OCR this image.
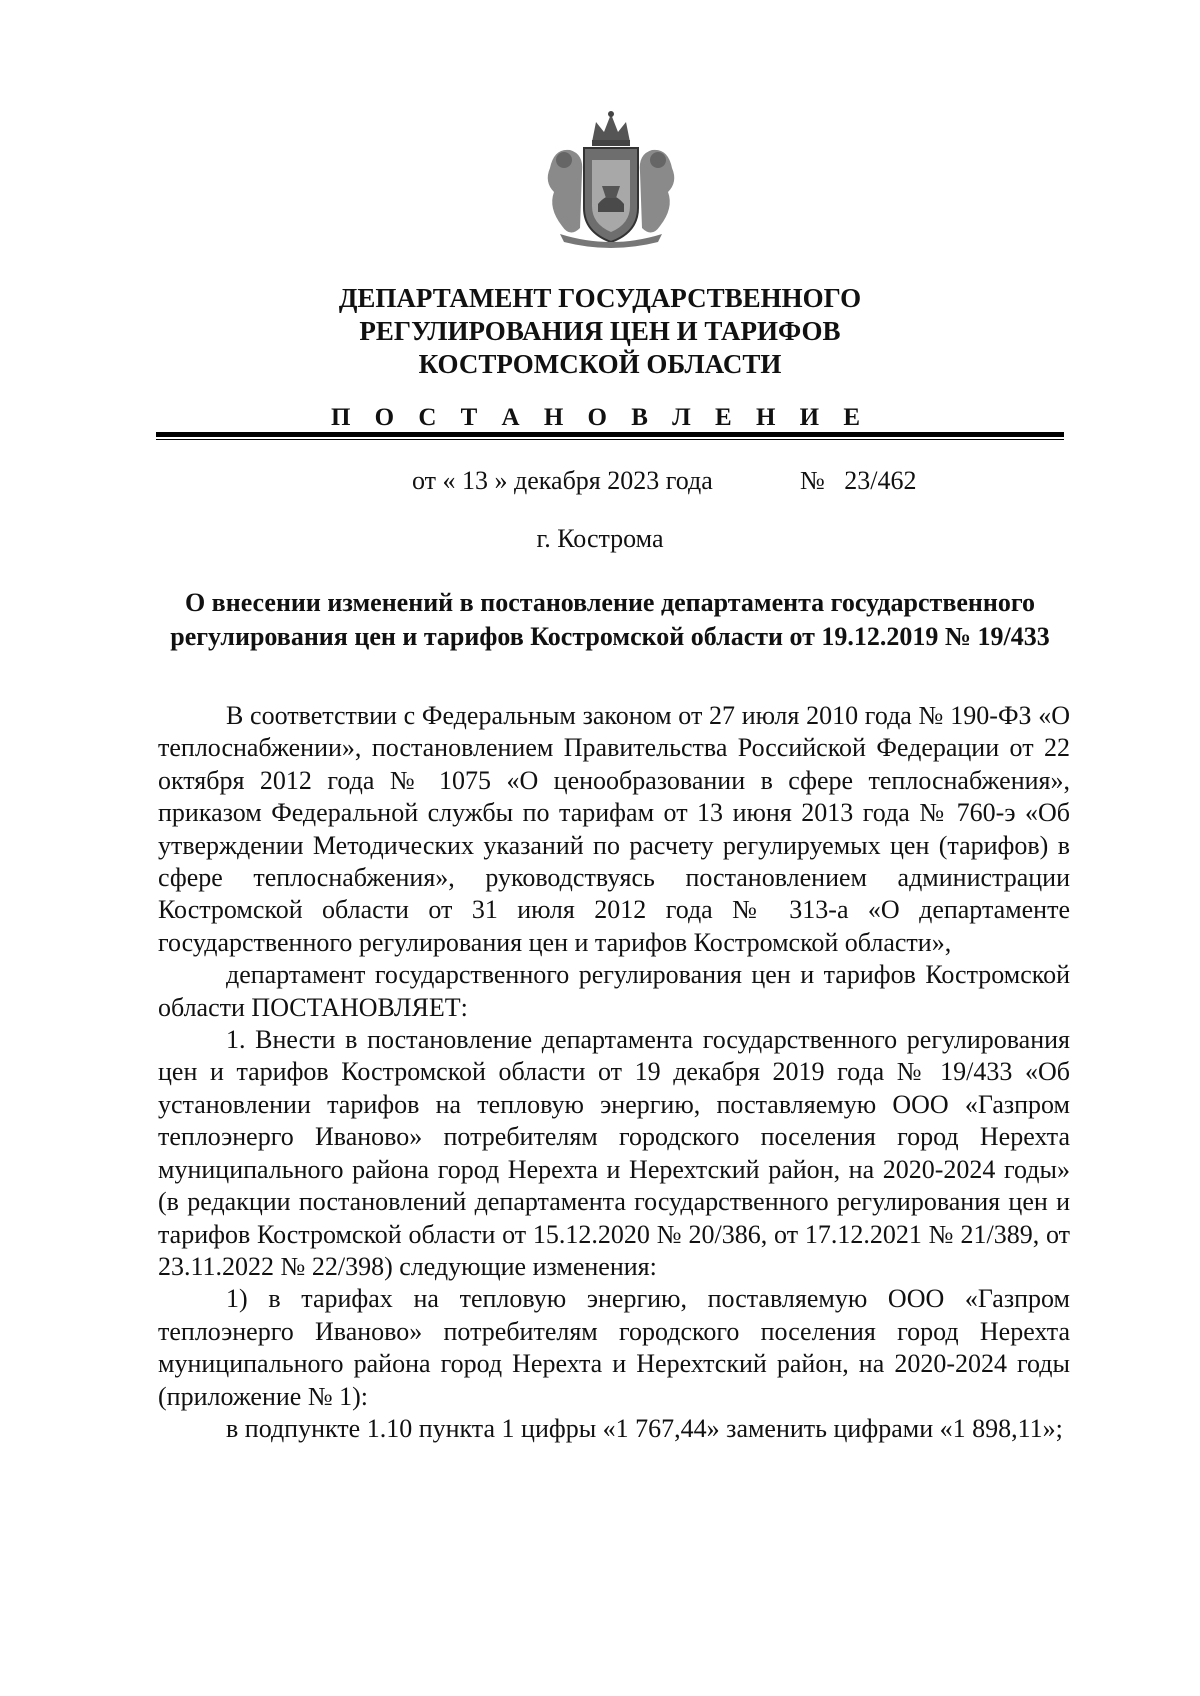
ДЕПАРТАМЕНТ ГОСУДАРСТВЕННОГО
РЕГУЛИРОВАНИЯ ЦЕН И ТАРИФОВ
КОСТРОМСКОЙ ОБЛАСТИ
П О С Т А Н О В Л Е Н И Е

от « 13 » декабря 2023 года	№   23/462

г. Кострома

О внесении изменений в постановление департамента государственного
регулирования цен и тарифов Костромской области от 19.12.2019 № 19/433

В соответствии с Федеральным законом от 27 июля 2010 года № 190-ФЗ «О теплоснабжении», постановлением Правительства Российской Федерации от 22 октября 2012 года № 1075 «О ценообразовании в сфере теплоснабжения», приказом Федеральной службы по тарифам от 13 июня 2013 года № 760-э «Об утверждении Методических указаний по расчету регулируемых цен (тарифов) в сфере теплоснабжения», руководствуясь постановлением администрации Костромской области от 31 июля 2012 года № 313-а «О департаменте государственного регулирования цен и тарифов Костромской области»,

департамент государственного регулирования цен и тарифов Костромской области ПОСТАНОВЛЯЕТ:

1. Внести в постановление департамента государственного регулирования цен и тарифов Костромской области от 19 декабря 2019 года № 19/433 «Об установлении тарифов на тепловую энергию, поставляемую ООО «Газпром теплоэнерго Иваново» потребителям городского поселения город Нерехта муниципального района город Нерехта и Нерехтский район, на 2020-2024 годы» (в редакции постановлений департамента государственного регулирования цен и тарифов Костромской области от 15.12.2020 № 20/386, от 17.12.2021 № 21/389, от 23.11.2022 № 22/398) следующие изменения:

1) в тарифах на тепловую энергию, поставляемую ООО «Газпром теплоэнерго Иваново» потребителям городского поселения город Нерехта муниципального района город Нерехта и Нерехтский район, на 2020-2024 годы (приложение № 1):

в подпункте 1.10 пункта 1 цифры «1 767,44» заменить цифрами «1 898,11»;
